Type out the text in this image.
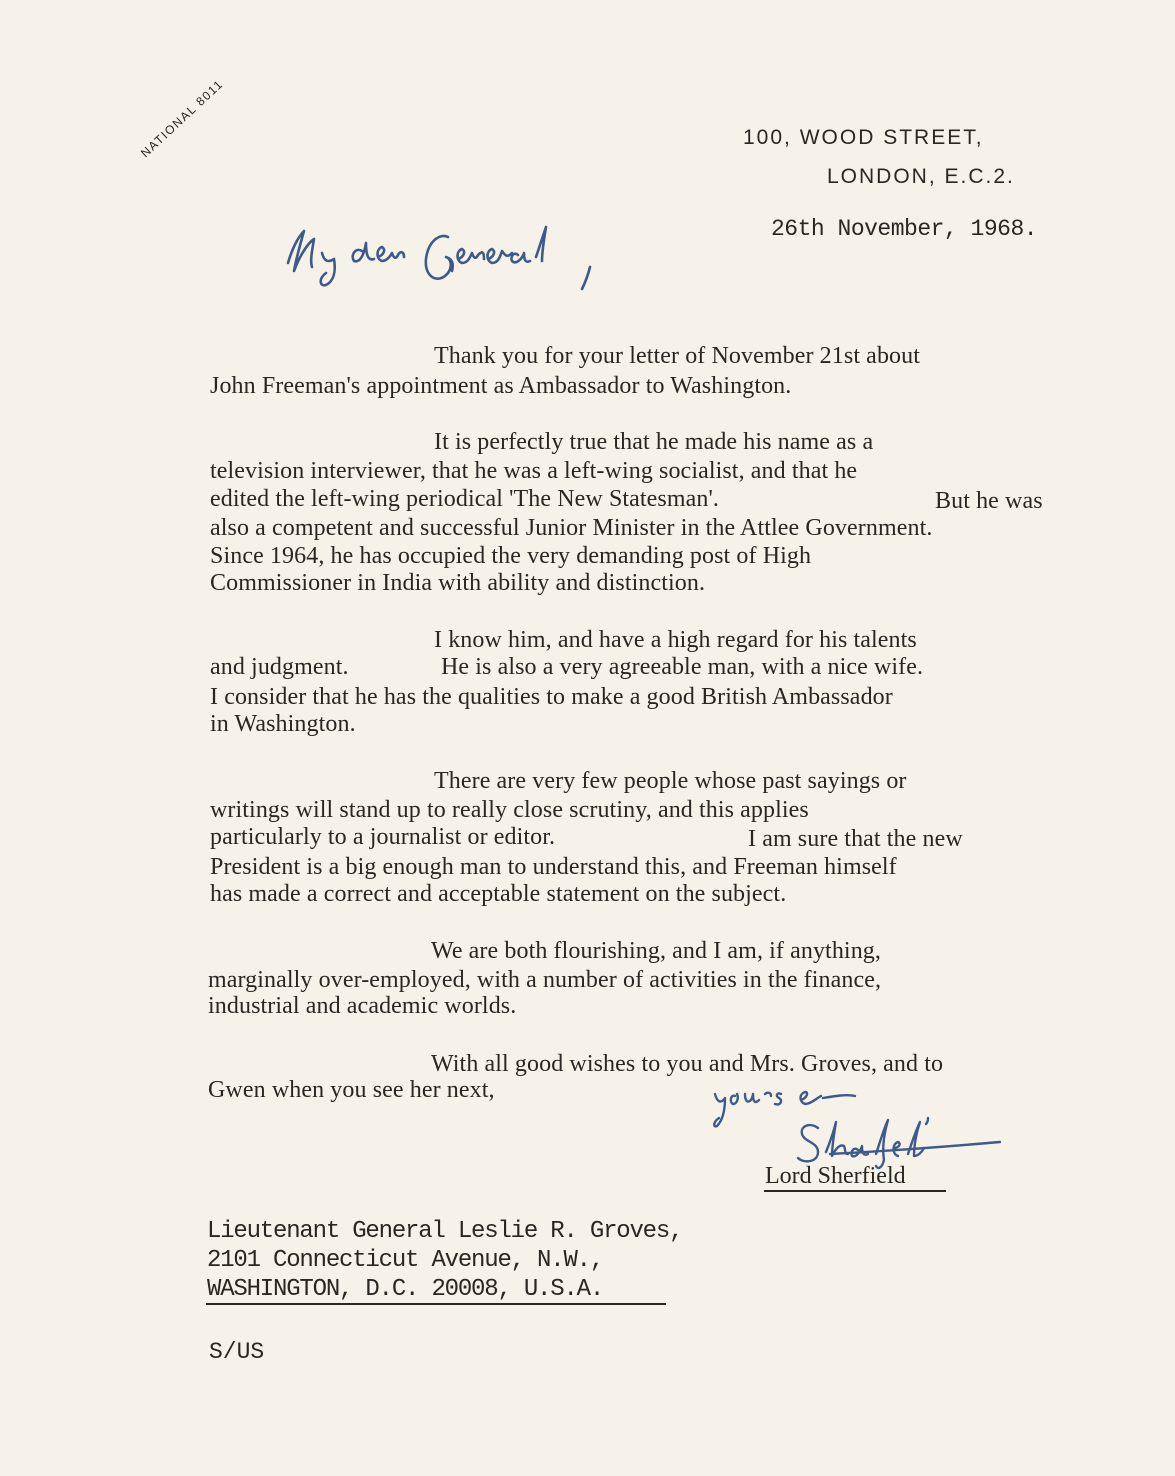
NATIONAL 8011	100, WOOD STREET,
LONDON, E.C.2.
26th November, 1968.
Thank you for your letter of November 21st about
John Freeman's appointment as Ambassador to Washington.
It is perfectly true that he made his name as a
television interviewer, that he was a left-wing socialist, and that he
edited the left-wing periodical 'The New Statesman'.	But he was
also a competent and successful Junior Minister in the Attlee Government.
Since 1964, he has occupied the very demanding post of High
Commissioner in India with ability and distinction.
I know him, and have a high regard for his talents
and judgment.	He is also a very agreeable man, with a nice wife.
I consider that he has the qualities to make a good British Ambassador
in Washington.
There are very few people whose past sayings or
writings will stand up to really close scrutiny, and this applies
particularly to a journalist or editor.	I am sure that the new
President is a big enough man to understand this, and Freeman himself
has made a correct and acceptable statement on the subject.
We are both flourishing, and I am, if anything,
marginally over-employed, with a number of activities in the finance,
industrial and academic worlds.
With all good wishes to you and Mrs. Groves, and to
Gwen when you see her next,
Lord Sherfield
Lieutenant General Leslie R. Groves,
2101 Connecticut Avenue, N.W.,
WASHINGTON, D.C. 20008, U.S.A.
S/US
